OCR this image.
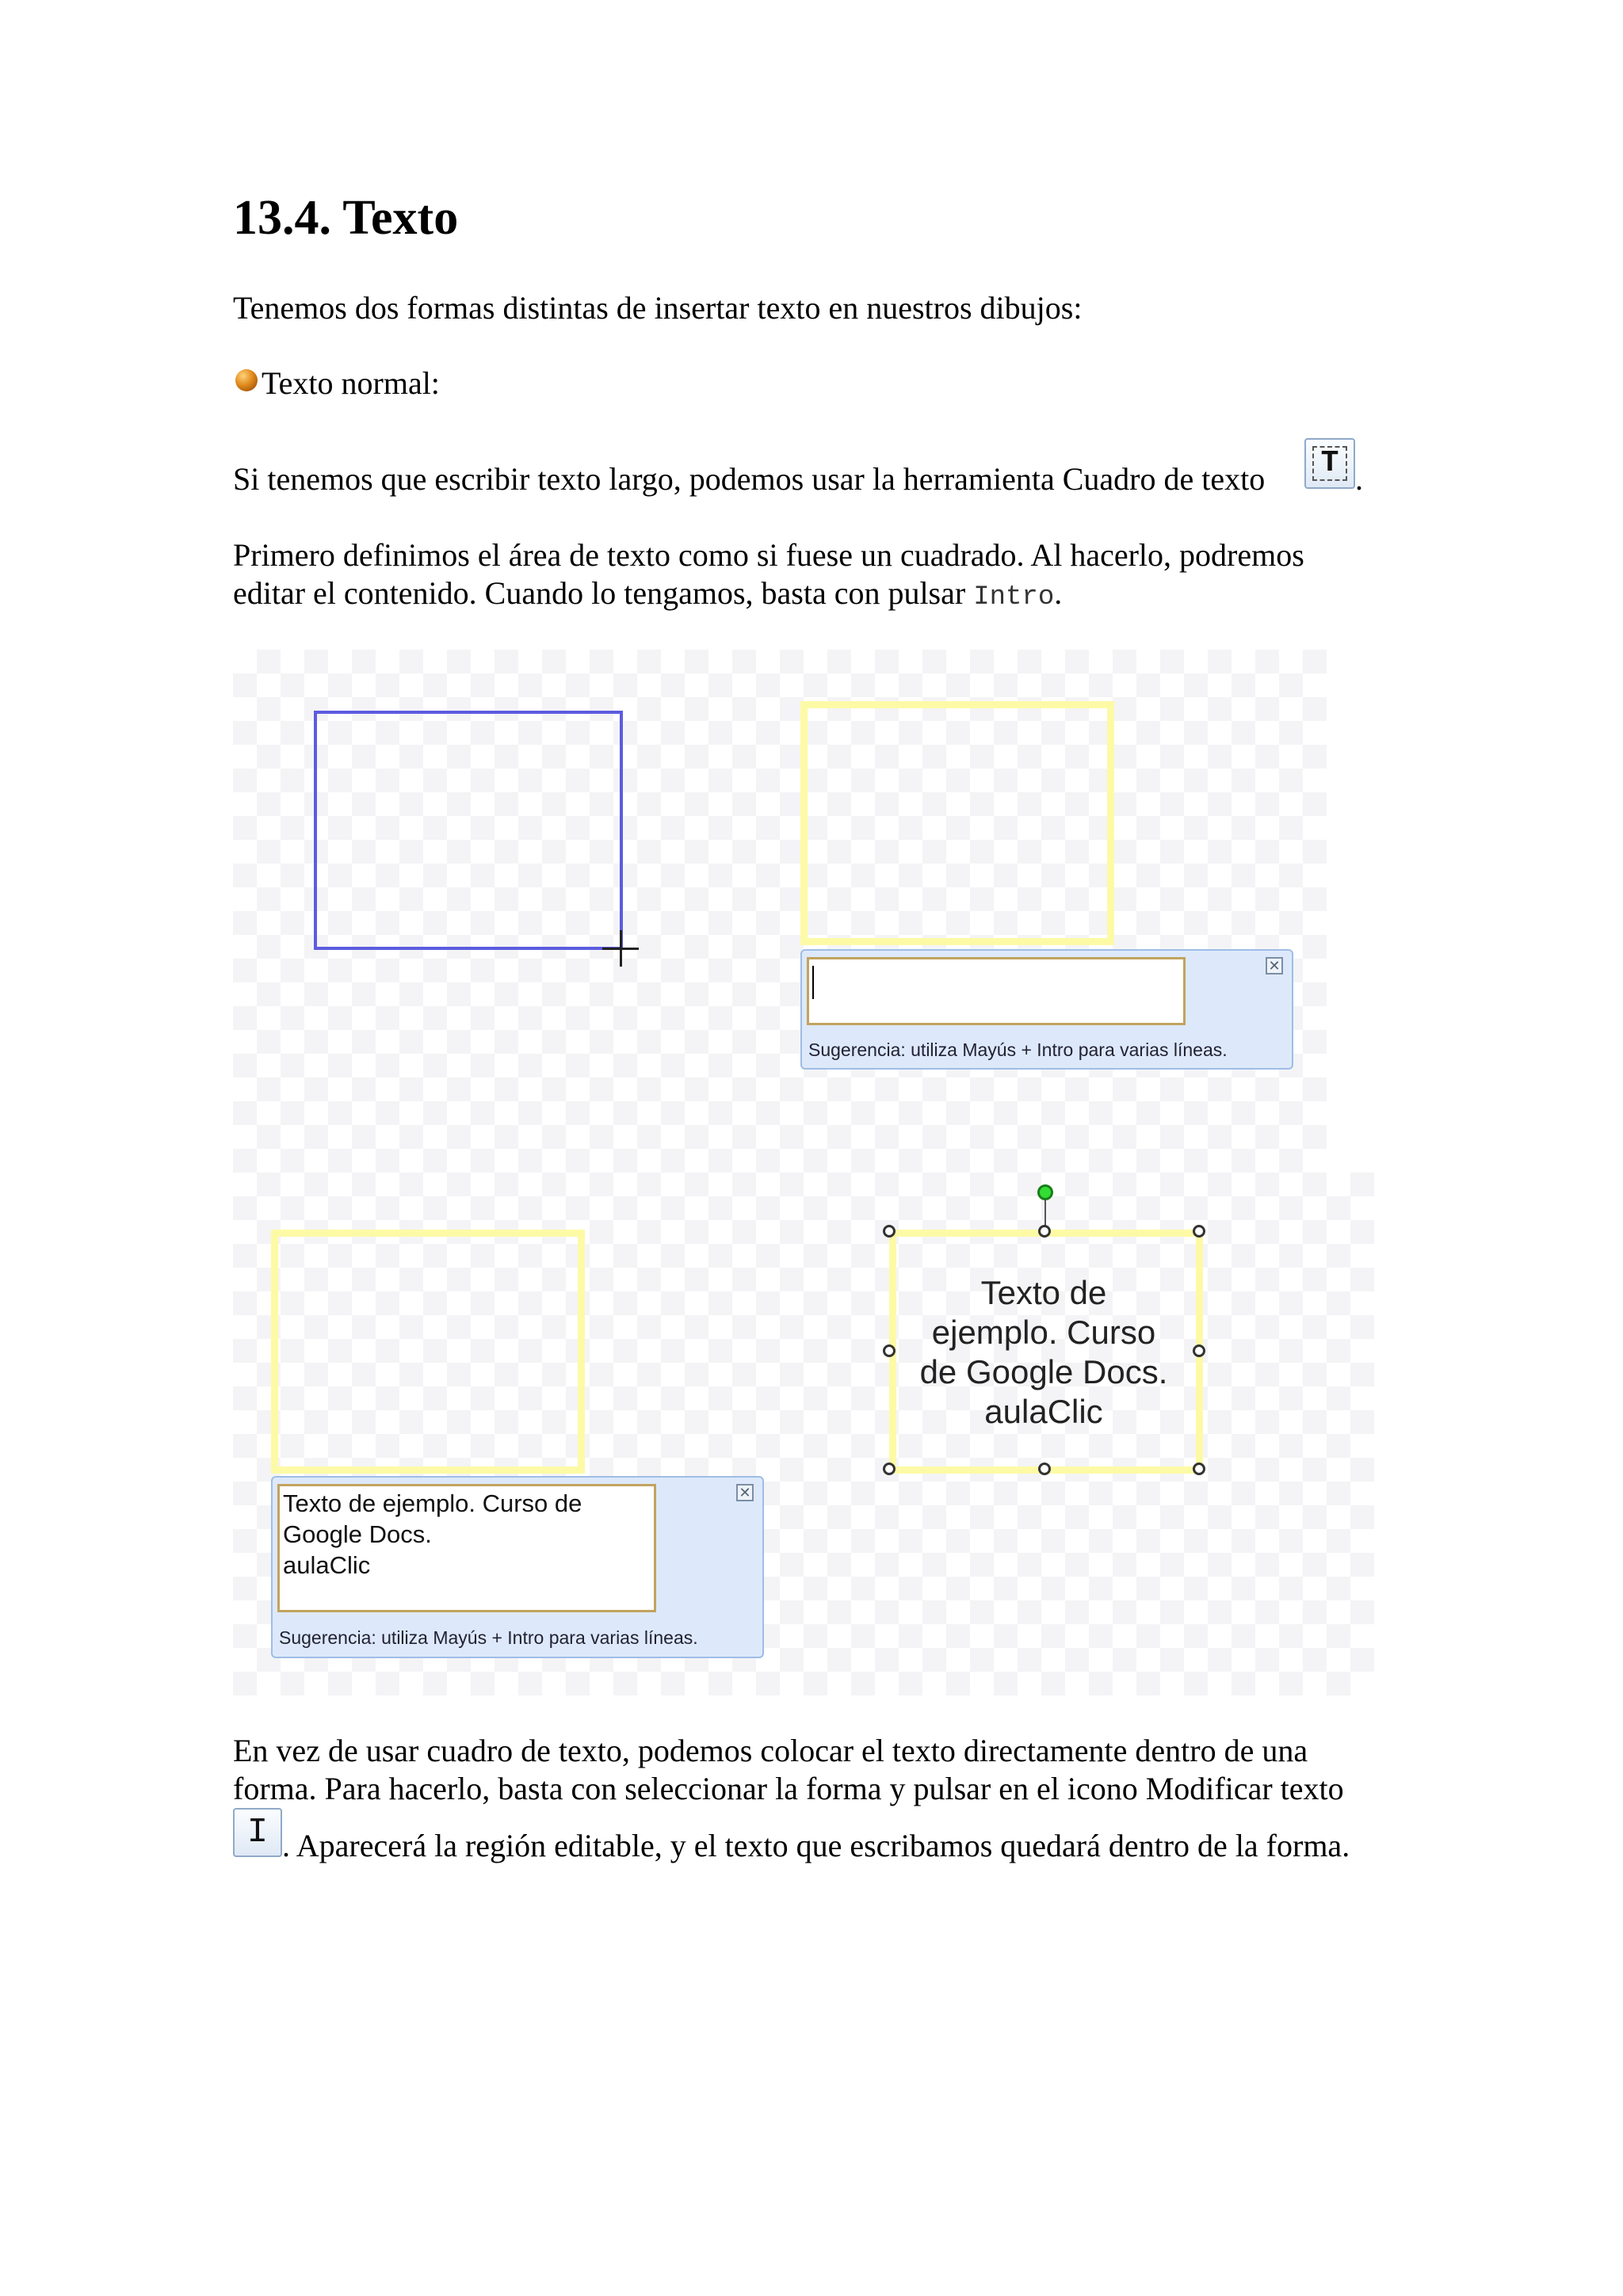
13.4. Texto
Tenemos dos formas distintas de insertar texto en nuestros dibujos:
Texto normal:
Si tenemos que escribir texto largo, podemos usar la herramienta Cuadro de texto T .
Primero definimos el área de texto como si fuese un cuadrado. Al hacerlo, podremos
editar el contenido. Cuando lo tengamos, basta con pulsar Intro.

✕
Sugerencia: utiliza Mayús + Intro para varias líneas.
Texto de ejemplo. Curso de
Google Docs.
aulaClic
✕
Sugerencia: utiliza Mayús + Intro para varias líneas.
Texto de
ejemplo. Curso
de Google Docs.
aulaClic
En vez de usar cuadro de texto, podemos colocar el texto directamente dentro de una
forma. Para hacerlo, basta con seleccionar la forma y pulsar en el icono Modificar texto
I . Aparecerá la región editable, y el texto que escribamos quedará dentro de la forma.
